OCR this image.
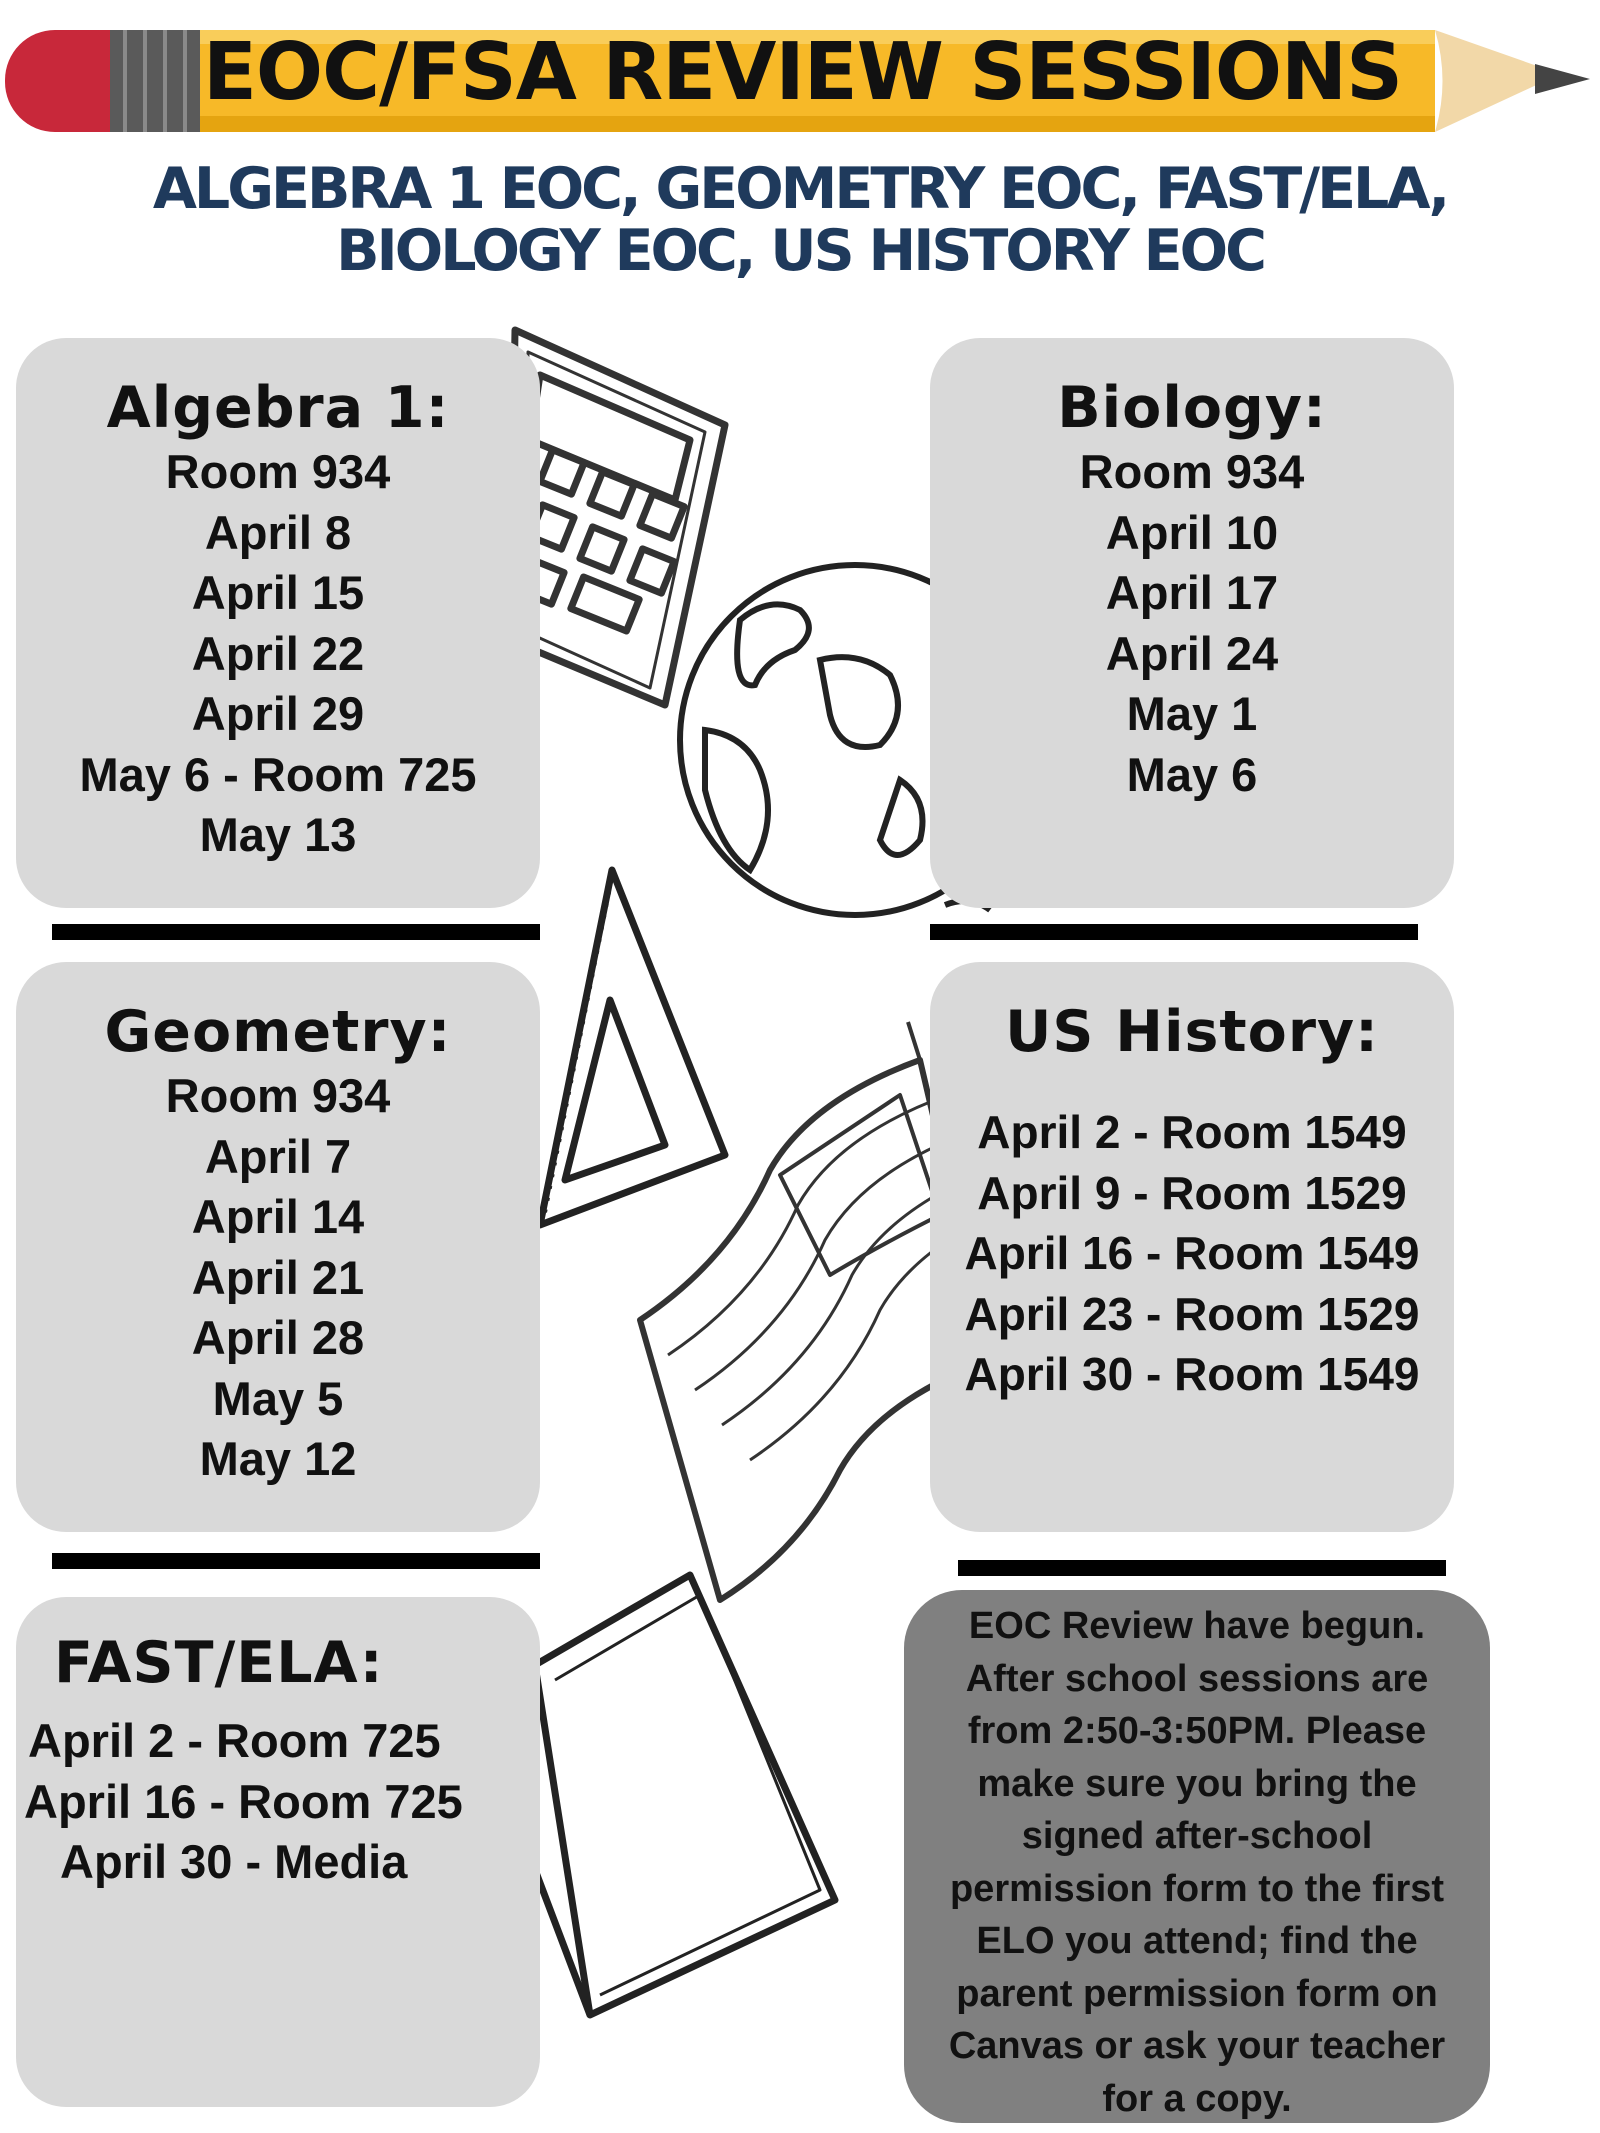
EOC/FSA REVIEW SESSIONS
ALGEBRA 1 EOC, GEOMETRY EOC, FAST/ELA,
BIOLOGY EOC, US HISTORY EOC
Algebra 1:
Room 934
April 8
April 15
April 22
April 29
May 6 - Room 725
May 13
Biology:
Room 934
April 10
April 17
April 24
May 1
May 6
Geometry:
Room 934
April 7
April 14
April 21
April 28
May 5
May 12
US History:
April 2 - Room 1549
April 9 - Room 1529
April 16 - Room 1549
April 23 - Room 1529
April 30 - Room 1549
FAST/ELA:
April 2 - Room 725
April 16 - Room 725
April 30 - Media
EOC Review have begun.
After school sessions are
from 2:50-3:50PM. Please
make sure you bring the
signed after-school
permission form to the first
ELO you attend; find the
parent permission form on
Canvas or ask your teacher
for a copy.
